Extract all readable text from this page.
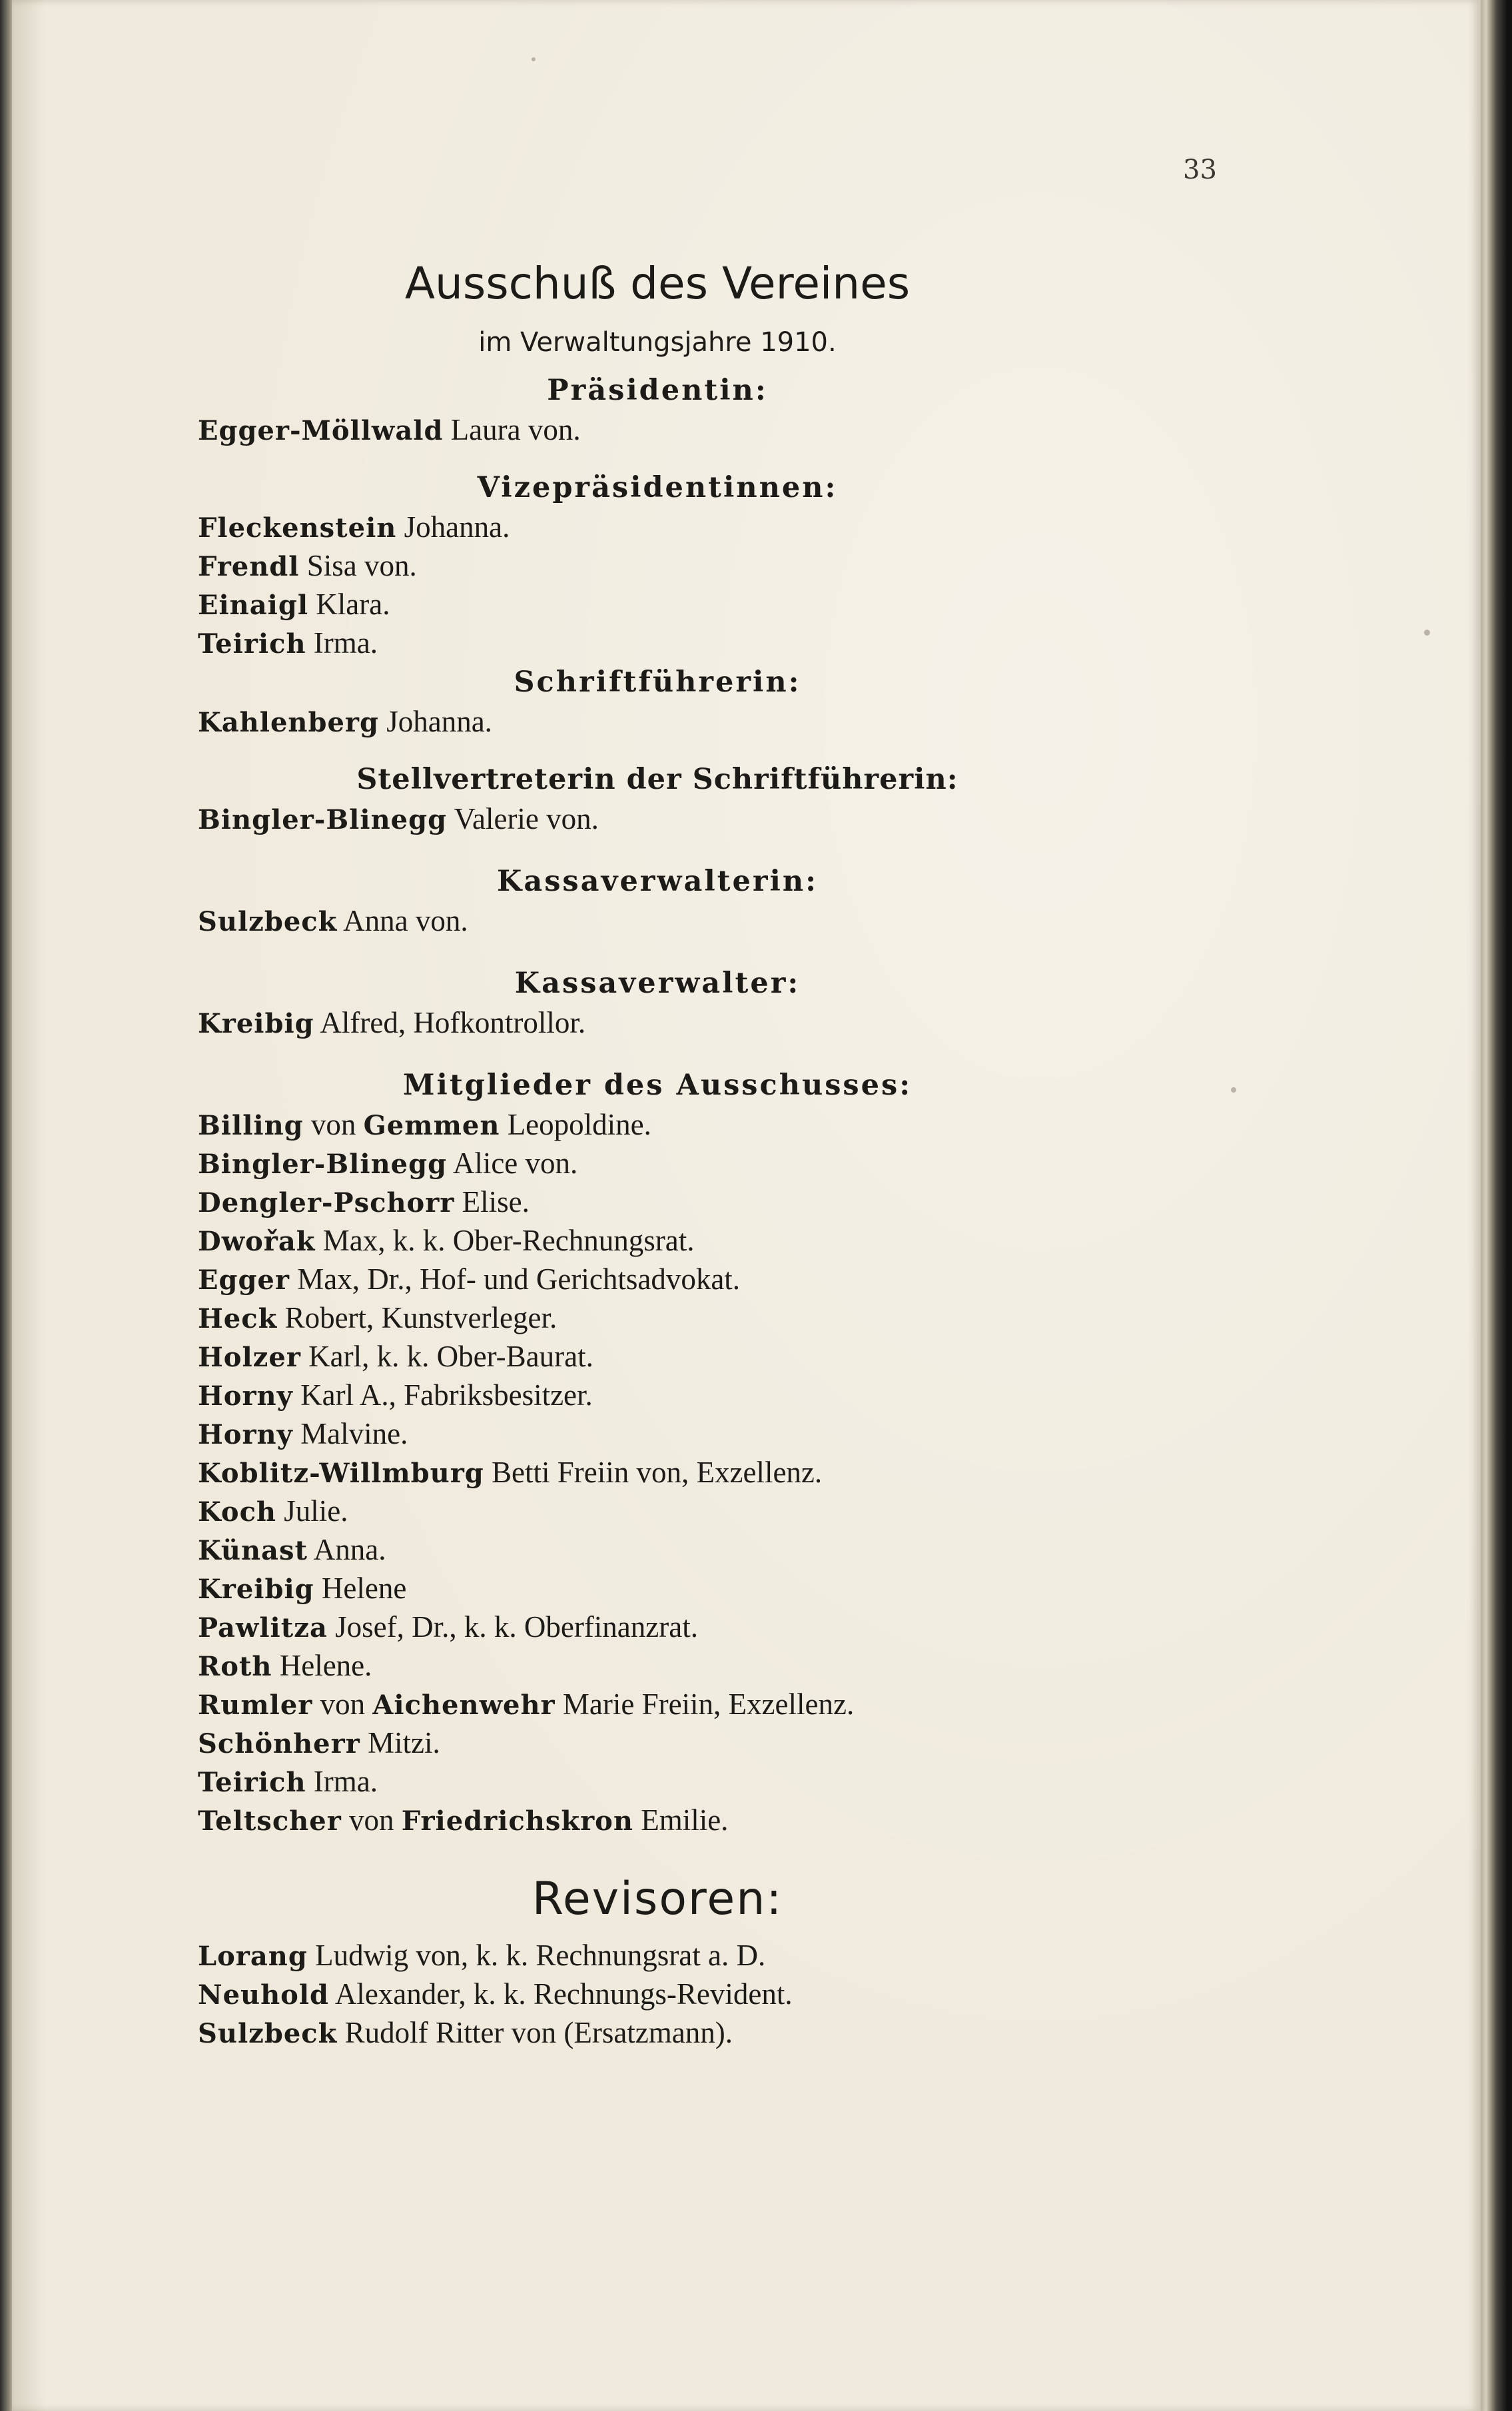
33

Ausschuß des Vereines

im Verwaltungsjahre 1910.

Präsidentin:

Egger-Möllwald Laura von.

Vizepräsidentinnen:

Fleckenstein Johanna.

Frendl Sisa von.

Einaigl Klara.

Teirich Irma.

Schriftführerin:

Kahlenberg Johanna.

Stellvertreterin der Schriftführerin:

Bingler-Blinegg Valerie von.

Kassaverwalterin:

Sulzbeck Anna von.

Kassaverwalter:

Kreibig Alfred, Hofkontrollor.

Mitglieder des Ausschusses:

Billing von Gemmen Leopoldine.

Bingler-Blinegg Alice von.

Dengler-Pschorr Elise.

Dwořak Max, k. k. Ober-Rechnungsrat.

Egger Max, Dr., Hof- und Gerichtsadvokat.

Heck Robert, Kunstverleger.

Holzer Karl, k. k. Ober-Baurat.

Horny Karl A., Fabriksbesitzer.

Horny Malvine.

Koblitz-Willmburg Betti Freiin von, Exzellenz.

Koch Julie.

Künast Anna.

Kreibig Helene

Pawlitza Josef, Dr., k. k. Oberfinanzrat.

Roth Helene.

Rumler von Aichenwehr Marie Freiin, Exzellenz.

Schönherr Mitzi.

Teirich Irma.

Teltscher von Friedrichskron Emilie.

Revisoren:

Lorang Ludwig von, k. k. Rechnungsrat a. D.

Neuhold Alexander, k. k. Rechnungs-Revident.

Sulzbeck Rudolf Ritter von (Ersatzmann).
